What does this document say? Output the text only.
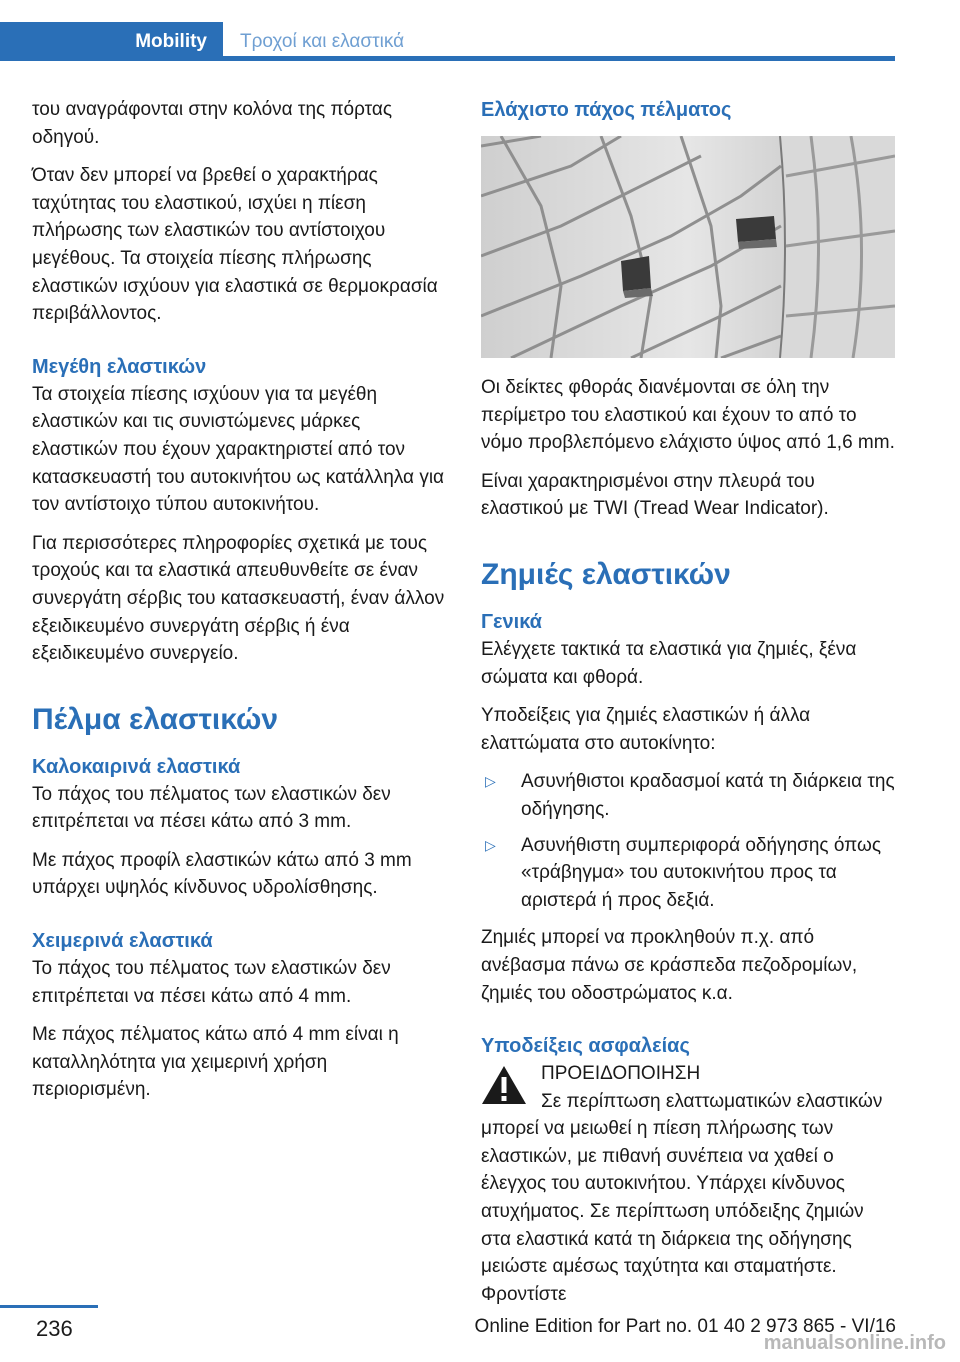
Mobility	Τροχοί και ελαστικά

του αναγράφονται στην κολόνα της πόρτας οδηγού.

Όταν δεν μπορεί να βρεθεί ο χαρακτήρας ταχύτητας του ελαστικού, ισχύει η πίεση πλήρωσης των ελαστικών του αντίστοιχου μεγέθους. Τα στοιχεία πίεσης πλήρωσης ελαστικών ισχύουν για ελαστικά σε θερμοκρασία περιβάλλοντος.

Μεγέθη ελαστικών

Τα στοιχεία πίεσης ισχύουν για τα μεγέθη ελαστικών και τις συνιστώμενες μάρκες ελαστικών που έχουν χαρακτηριστεί από τον κατασκευαστή του αυτοκινήτου ως κατάλληλα για τον αντίστοιχο τύπου αυτοκινήτου.

Για περισσότερες πληροφορίες σχετικά με τους τροχούς και τα ελαστικά απευθυνθείτε σε έναν συνεργάτη σέρβις του κατασκευαστή, έναν άλλον εξειδικευμένο συνεργάτη σέρβις ή ένα εξειδικευμένο συνεργείο.

Πέλμα ελαστικών
Καλοκαιρινά ελαστικά

Το πάχος του πέλματος των ελαστικών δεν επιτρέπεται να πέσει κάτω από 3 mm.

Με πάχος προφίλ ελαστικών κάτω από 3 mm υπάρχει υψηλός κίνδυνος υδρολίσθησης.

Χειμερινά ελαστικά

Το πάχος του πέλματος των ελαστικών δεν επιτρέπεται να πέσει κάτω από 4 mm.

Με πάχος πέλματος κάτω από 4 mm είναι η καταλληλότητα για χειμερινή χρήση περιορισμένη.

Ελάχιστο πάχος πέλματος

Οι δείκτες φθοράς διανέμονται σε όλη την περίμετρο του ελαστικού και έχουν το από το νόμο προβλεπόμενο ελάχιστο ύψος από 1,6 mm.

Είναι χαρακτηρισμένοι στην πλευρά του ελαστικού με TWI (Tread Wear Indicator).

Ζημιές ελαστικών
Γενικά

Ελέγχετε τακτικά τα ελαστικά για ζημιές, ξένα σώματα και φθορά.

Υποδείξεις για ζημιές ελαστικών ή άλλα ελαττώματα στο αυτοκίνητο:

▷ Ασυνήθιστοι κραδασμοί κατά τη διάρκεια της οδήγησης.
▷ Ασυνήθιστη συμπεριφορά οδήγησης όπως «τράβηγμα» του αυτοκινήτου προς τα αριστερά ή προς δεξιά.

Ζημιές μπορεί να προκληθούν π.χ. από ανέβασμα πάνω σε κράσπεδα πεζοδρομίων, ζημιές του οδοστρώματος κ.α.

Υποδείξεις ασφαλείας

ΠΡΟΕΙΔΟΠΟΙΗΣΗ

Σε περίπτωση ελαττωματικών ελαστικών μπορεί να μειωθεί η πίεση πλήρωσης των ελαστικών, με πιθανή συνέπεια να χαθεί ο έλεγχος του αυτοκινήτου. Υπάρχει κίνδυνος ατυχήματος. Σε περίπτωση υπόδειξης ζημιών στα ελαστικά κατά τη διάρκεια της οδήγησης μειώστε αμέσως ταχύτητα και σταματήστε. Φροντίστε

236	Online Edition for Part no. 01 40 2 973 865 - VI/16
manualsonline.info
